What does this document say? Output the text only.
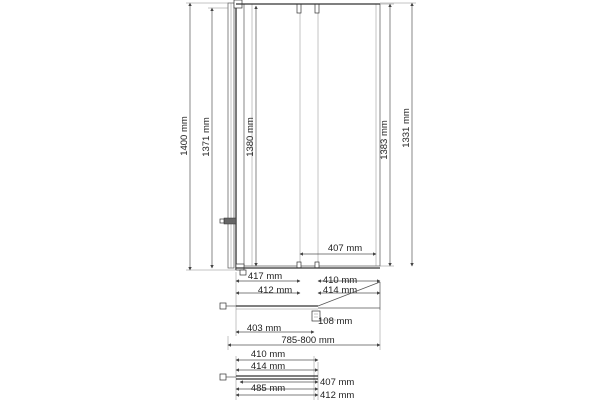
1400 mm 1371 mm	1380 mm	1383 mm 1331 mm
407 mm
417 mm	410 mm
412 mm	414 mm
108 mm
403 mm
785-800 mm
410 mm
414 mm
407 mm
485 mm
412 mm
